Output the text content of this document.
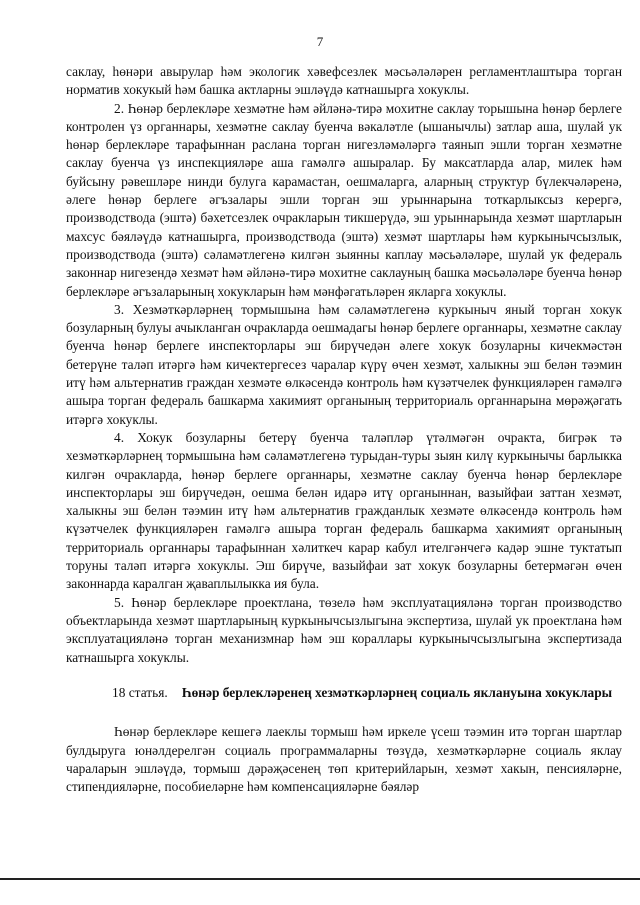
7

саклау, һөнәри авырулар һәм экологик хәвефсезлек мәсьәләләрен регламентлаштыра торган норматив хокукый һәм башка актларны эшләүдә катнашырга хокуклы.

2. Һөнәр берлекләре хезмәтне һәм әйләнә-тирә мохитне саклау торышына һөнәр берлеге контролен үз органнары, хезмәтне саклау буенча вәкаләтле (ышанычлы) затлар аша, шулай ук һөнәр берлекләре тарафыннан раслана торган нигезләмәләргә таянып эшли торган хезмәтне саклау буенча үз инспекцияләре аша гамәлгә ашыралар. Бу максатларда алар, милек һәм буйсыну рәвешләре нинди булуга карамастан, оешмаларга, аларның структур бүлекчәләренә, әлеге һөнәр берлеге әгъзалары эшли торган эш урыннарына тоткарлыксыз керергә, производствода (эштә) бәхетсезлек очракларын тикшерүдә, эш урыннарында хезмәт шартларын махсус бәяләүдә катнашырга, производствода (эштә) хезмәт шартлары һәм куркынычсызлык, производствода (эштә) сәламәтлегенә килгән зыянны каплау мәсьәләләре, шулай ук федераль законнар нигезендә хезмәт һәм әйләнә-тирә мохитне саклауның башка мәсьәләләре буенча һөнәр берлекләре әгъзаларының хокукларын һәм мәнфәгатьләрен якларга хокуклы.

3. Хезмәткәрләрнең тормышына һәм сәламәтлегенә куркыныч яный торган хокук бозуларның булуы ачыкланган очракларда оешмадагы һөнәр берлеге органнары, хезмәтне саклау буенча һөнәр берлеге инспекторлары эш бирүчедән әлеге хокук бозуларны кичекмәстән бетерүне таләп итәргә һәм кичектергесез чаралар күрү өчен хезмәт, халыкны эш белән тәэмин итү һәм альтернатив граждан хезмәте өлкәсендә контроль һәм күзәтчелек функцияләрен гамәлгә ашыра торган федераль башкарма хакимият органының территориаль органнарына мөрәҗәгать итәргә хокуклы.

4. Хокук бозуларны бетерү буенча таләпләр үтәлмәгән очракта, бигрәк тә хезмәткәрләрнең тормышына һәм сәламәтлегенә турыдан-туры зыян килү куркынычы барлыкка килгән очракларда, һөнәр берлеге органнары, хезмәтне саклау буенча һөнәр берлекләре инспекторлары эш бирүчедән, оешма белән идарә итү органыннан, вазыйфаи заттан хезмәт, халыкны эш белән тәэмин итү һәм альтернатив гражданлык хезмәте өлкәсендә контроль һәм күзәтчелек функцияләрен гамәлгә ашыра торган федераль башкарма хакимият органының территориаль органнары тарафыннан хәлиткеч карар кабул ителгәнчегә кадәр эшне туктатып торуны таләп итәргә хокуклы. Эш бирүче, вазыйфаи зат хокук бозуларны бетермәгән өчен законнарда каралган җаваплылыкка ия була.

5. Һөнәр берлекләре проектлана, төзелә һәм эксплуатацияләнә торган производство объектларында хезмәт шартларының куркынычсызлыгына экспертиза, шулай ук проектлана һәм эксплуатацияләнә торган механизмнар һәм эш кораллары куркынычсызлыгына экспертизада катнашырга хокуклы.

18 статья. Һөнәр берлекләренең хезмәткәрләрнең социаль яклануына хокуклары

Һөнәр берлекләре кешегә лаеклы тормыш һәм иркеле үсеш тәэмин итә торган шартлар булдыруга юнәлдерелгән социаль программаларны төзүдә, хезмәткәрләрне социаль яклау чараларын эшләүдә, тормыш дәрәҗәсенең төп критерийларын, хезмәт хакын, пенсияләрне, стипендияләрне, пособиеләрне һәм компенсацияләрне бәяләр
